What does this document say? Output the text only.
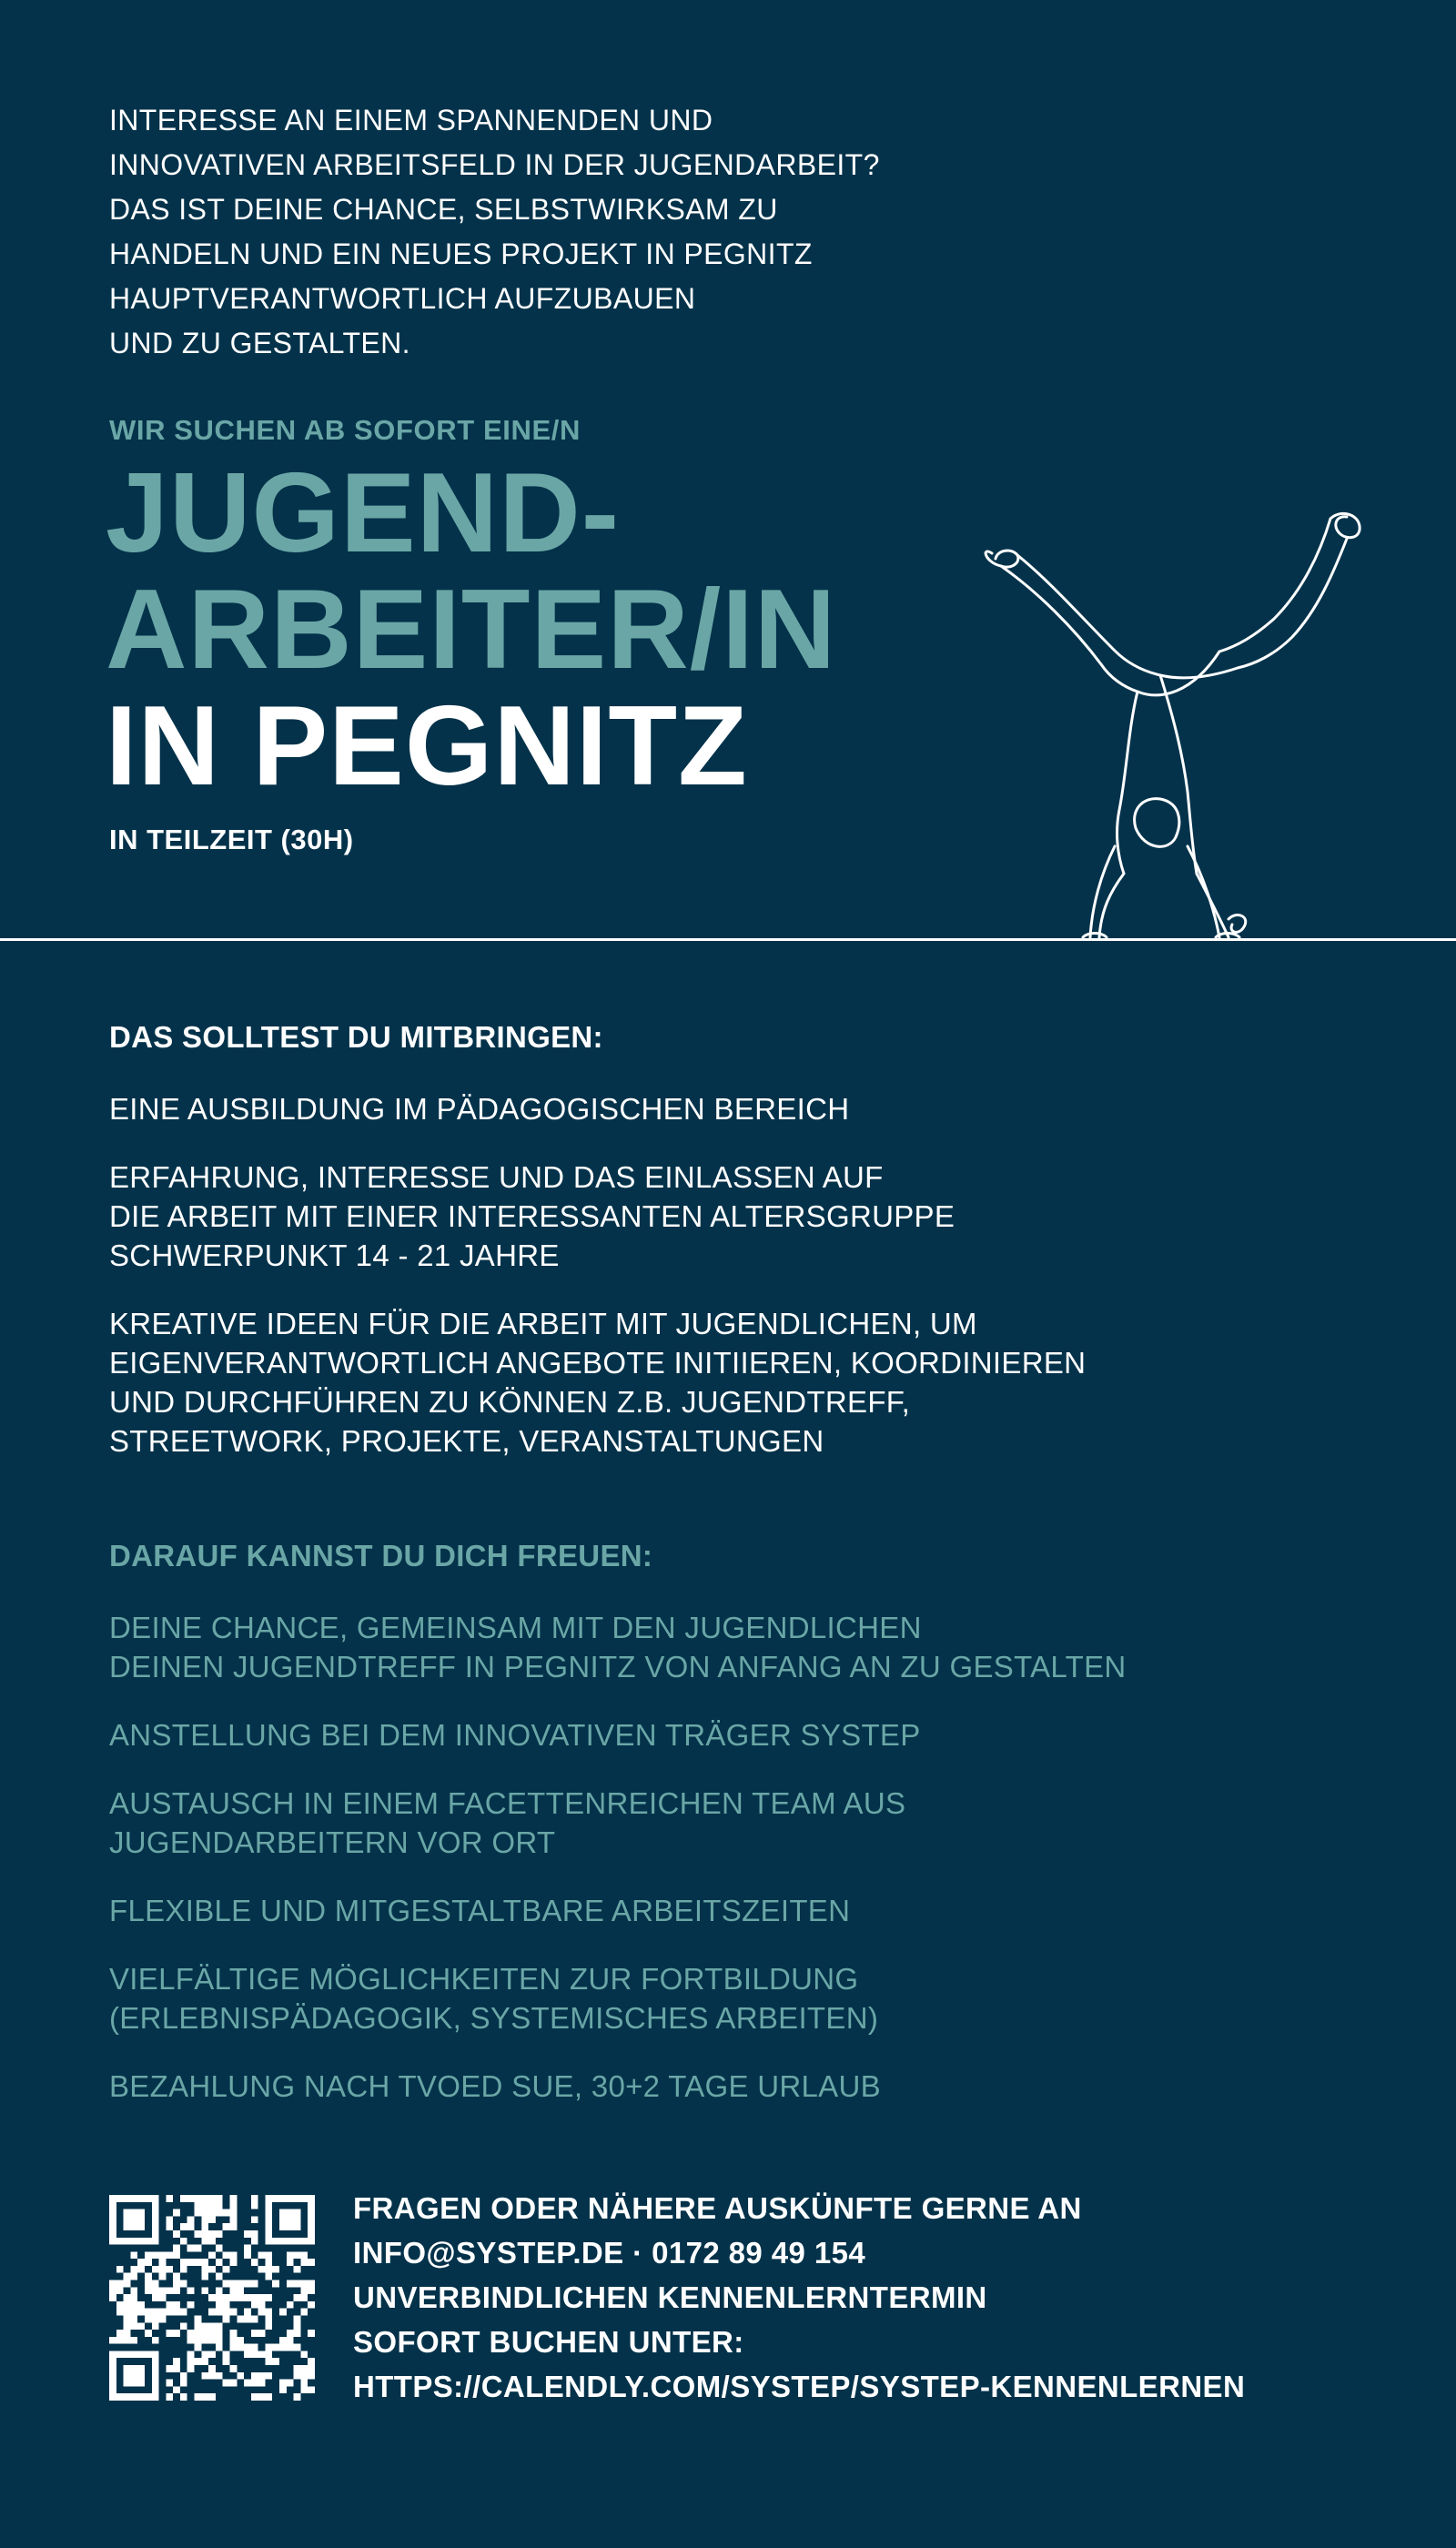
INTERESSE AN EINEM SPANNENDEN UND
INNOVATIVEN ARBEITSFELD IN DER JUGENDARBEIT?
DAS IST DEINE CHANCE, SELBSTWIRKSAM ZU
HANDELN UND EIN NEUES PROJEKT IN PEGNITZ
HAUPTVERANTWORTLICH AUFZUBAUEN
UND ZU GESTALTEN.
WIR SUCHEN AB SOFORT EINE/N
JUGEND-
ARBEITER/IN
IN PEGNITZ
IN TEILZEIT (30H)
DAS SOLLTEST DU MITBRINGEN:
EINE AUSBILDUNG IM PÄDAGOGISCHEN BEREICH
ERFAHRUNG, INTERESSE UND DAS EINLASSEN AUF
DIE ARBEIT MIT EINER INTERESSANTEN ALTERSGRUPPE
SCHWERPUNKT 14 - 21 JAHRE
KREATIVE IDEEN FÜR DIE ARBEIT MIT JUGENDLICHEN, UM
EIGENVERANTWORTLICH ANGEBOTE INITIIEREN, KOORDINIEREN
UND DURCHFÜHREN ZU KÖNNEN Z.B. JUGENDTREFF,
STREETWORK, PROJEKTE, VERANSTALTUNGEN
DARAUF KANNST DU DICH FREUEN:
DEINE CHANCE, GEMEINSAM MIT DEN JUGENDLICHEN
DEINEN JUGENDTREFF IN PEGNITZ VON ANFANG AN ZU GESTALTEN
ANSTELLUNG BEI DEM INNOVATIVEN TRÄGER SYSTEP
AUSTAUSCH IN EINEM FACETTENREICHEN TEAM AUS
JUGENDARBEITERN VOR ORT
FLEXIBLE UND MITGESTALTBARE ARBEITSZEITEN
VIELFÄLTIGE MÖGLICHKEITEN ZUR FORTBILDUNG
(ERLEBNISPÄDAGOGIK, SYSTEMISCHES ARBEITEN)
BEZAHLUNG NACH TVOED SUE, 30+2 TAGE URLAUB
FRAGEN ODER NÄHERE AUSKÜNFTE GERNE AN
INFO@SYSTEP.DE · 0172 89 49 154
UNVERBINDLICHEN KENNENLERNTERMIN
SOFORT BUCHEN UNTER:
HTTPS://CALENDLY.COM/SYSTEP/SYSTEP-KENNENLERNEN
